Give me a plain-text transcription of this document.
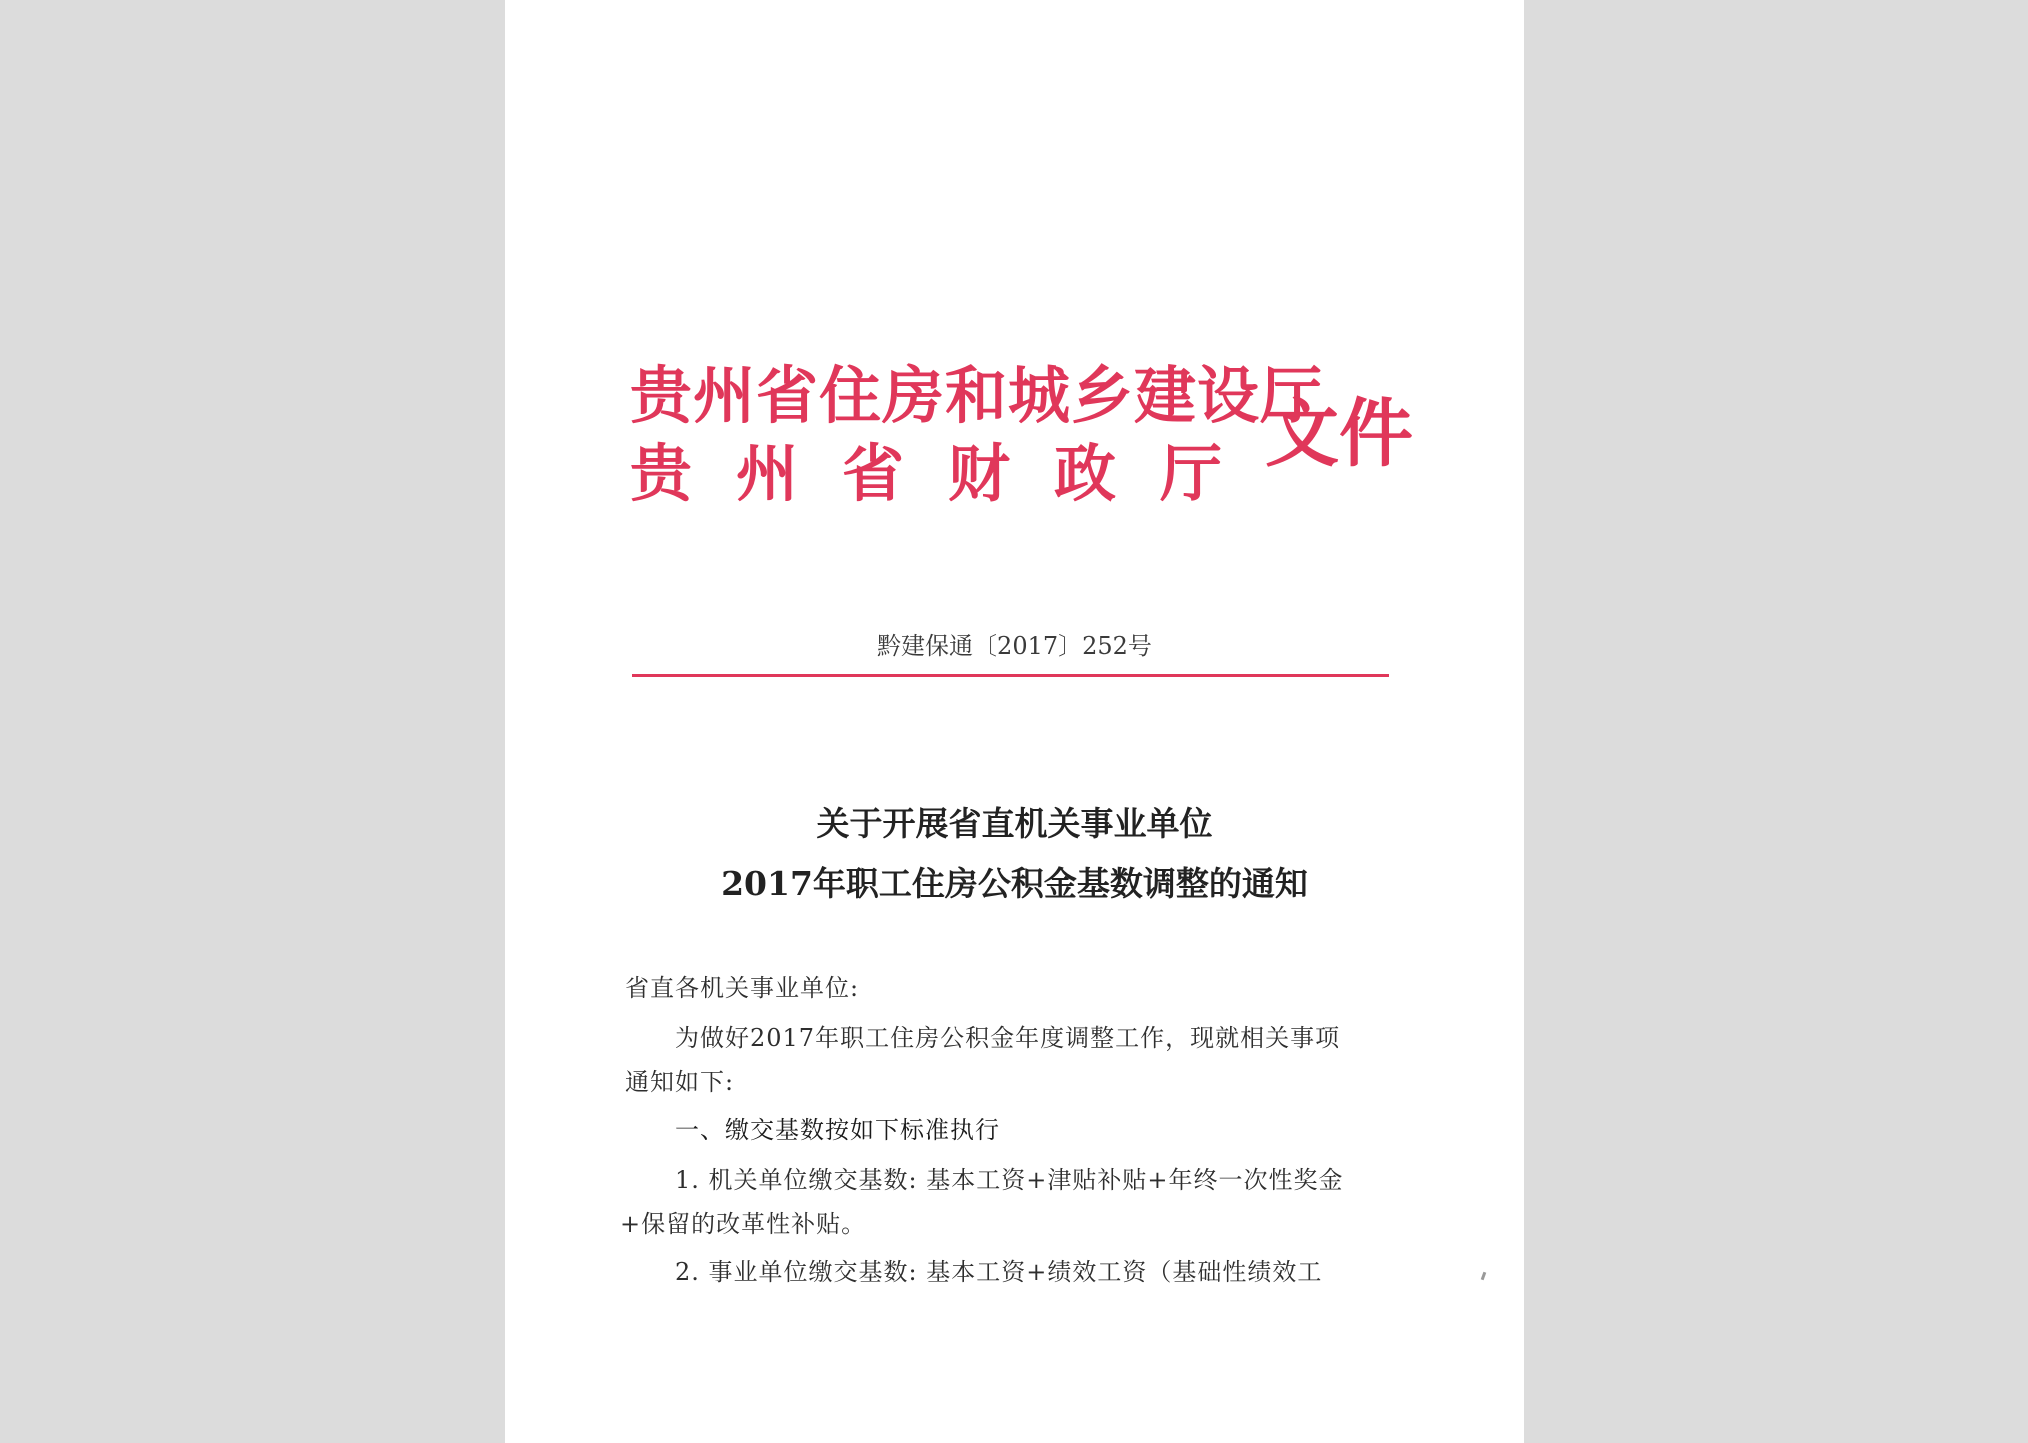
贵州省住房和城乡建设厅
贵州省财政厅
文件
黔建保通〔2017〕252号
关于开展省直机关事业单位
2017年职工住房公积金基数调整的通知
省直各机关事业单位:
为做好2017年职工住房公积金年度调整工作，现就相关事项
通知如下:
一、缴交基数按如下标准执行
1. 机关单位缴交基数: 基本工资+津贴补贴+年终一次性奖金
+保留的改革性补贴。
2. 事业单位缴交基数: 基本工资+绩效工资（基础性绩效工
